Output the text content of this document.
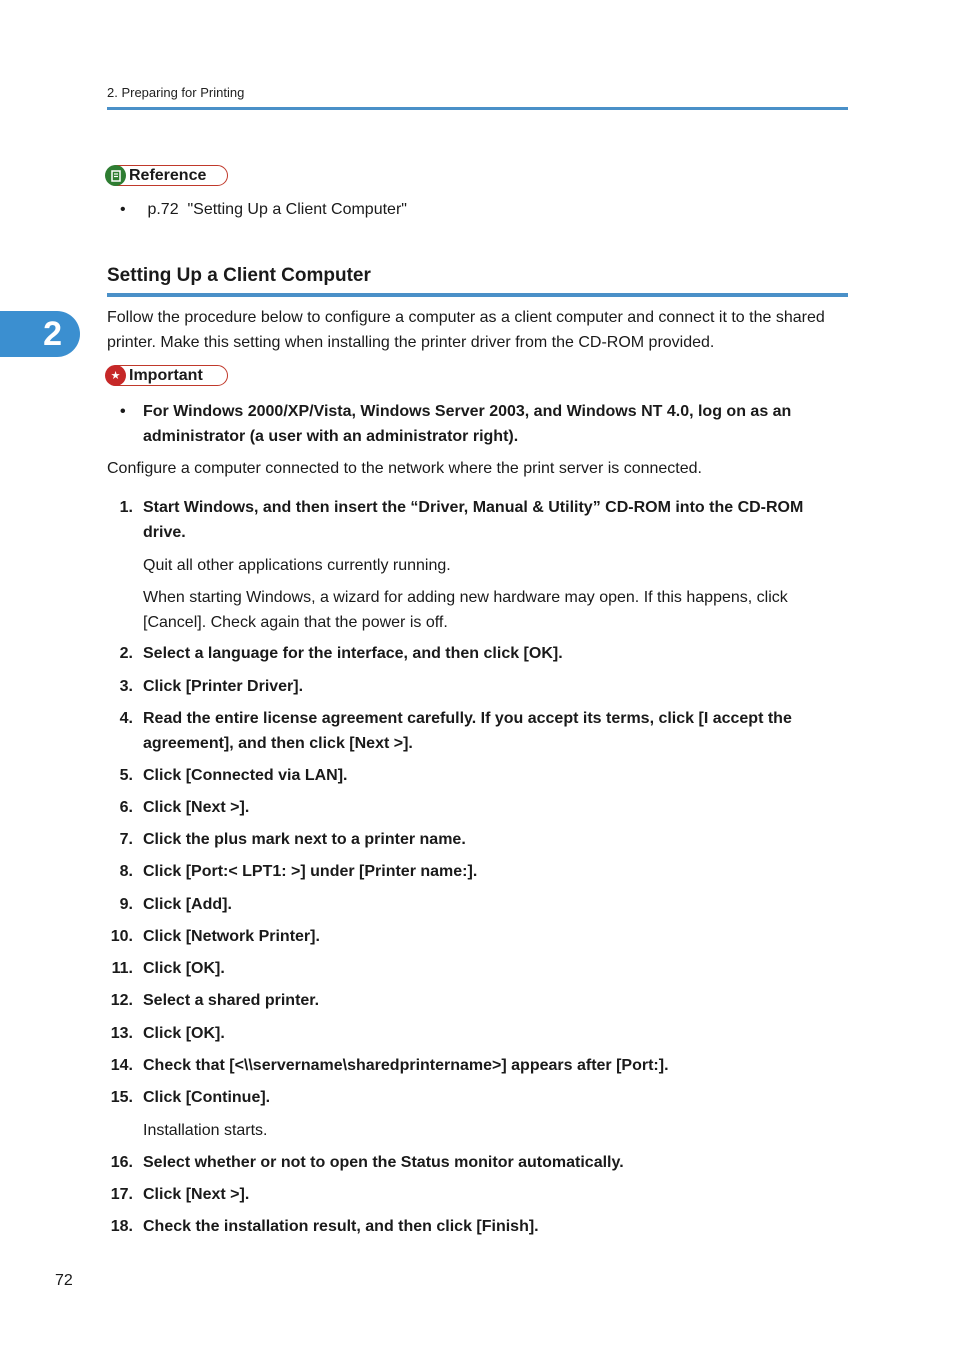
2. Preparing for Printing
Reference
• p.72 "Setting Up a Client Computer"
Setting Up a Client Computer
2	Follow the procedure below to configure a computer as a client computer and connect it to the shared printer. Make this setting when installing the printer driver from the CD-ROM provided.
★ Important
• For Windows 2000/XP/Vista, Windows Server 2003, and Windows NT 4.0, log on as an administrator (a user with an administrator right).
Configure a computer connected to the network where the print server is connected.
1. Start Windows, and then insert the “Driver, Manual & Utility” CD-ROM into the CD-ROM drive.
Quit all other applications currently running.
When starting Windows, a wizard for adding new hardware may open. If this happens, click [Cancel]. Check again that the power is off.
2. Select a language for the interface, and then click [OK].
3. Click [Printer Driver].
4. Read the entire license agreement carefully. If you accept its terms, click [I accept the agreement], and then click [Next >].
5. Click [Connected via LAN].
6. Click [Next >].
7. Click the plus mark next to a printer name.
8. Click [Port:< LPT1: >] under [Printer name:].
9. Click [Add].
10. Click [Network Printer].
11. Click [OK].
12. Select a shared printer.
13. Click [OK].
14. Check that [<\\servername\sharedprintername>] appears after [Port:].
15. Click [Continue].
Installation starts.
16. Select whether or not to open the Status monitor automatically.
17. Click [Next >].
18. Check the installation result, and then click [Finish].
72
